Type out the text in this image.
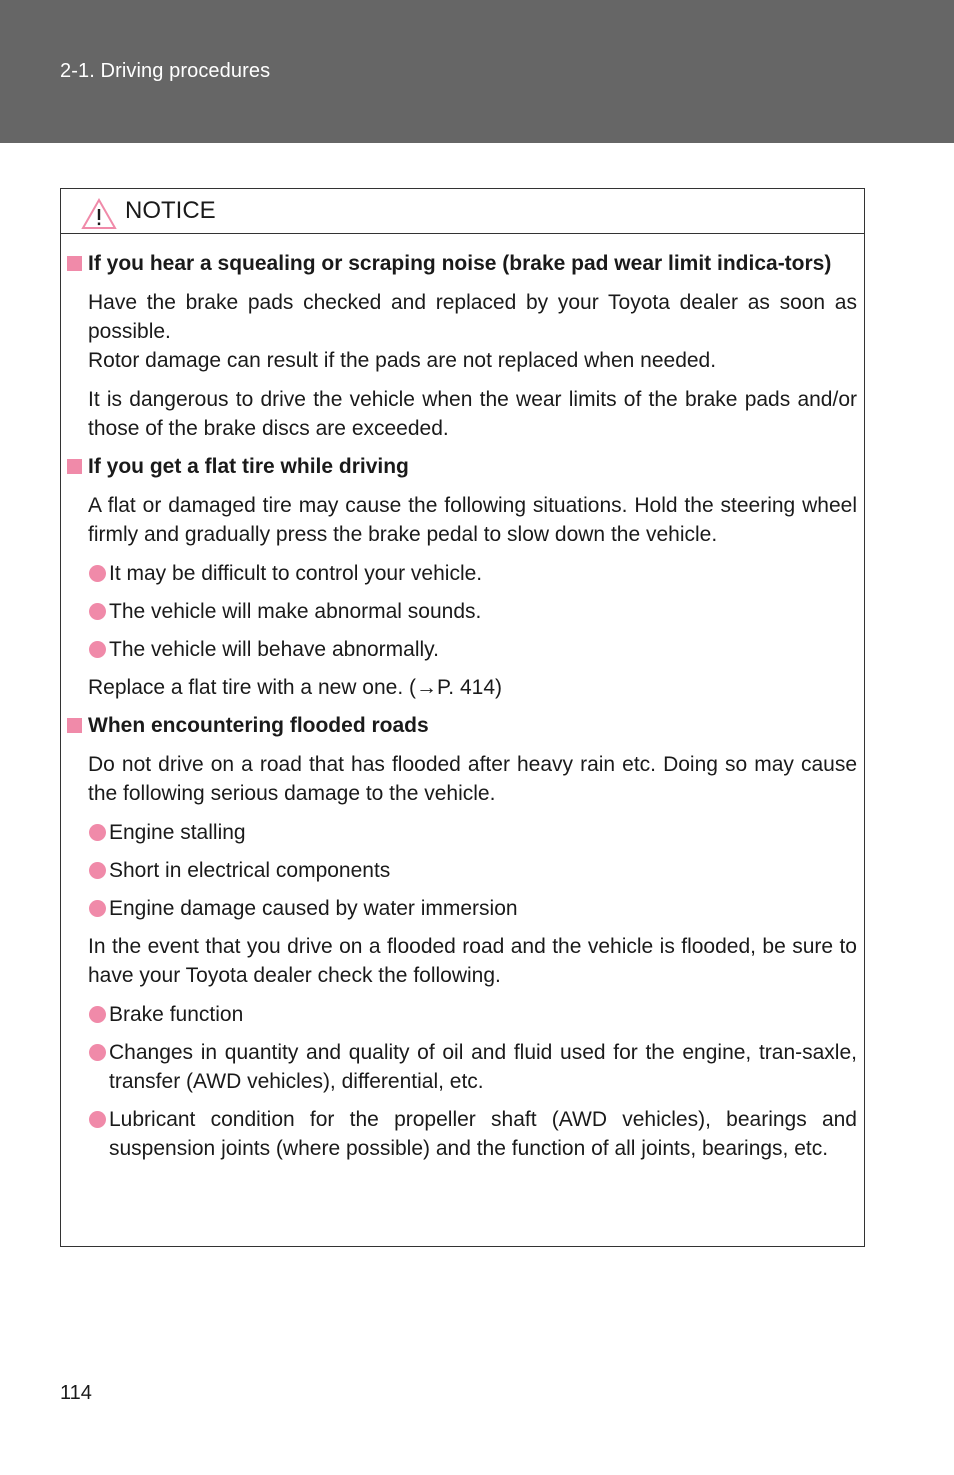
2-1. Driving procedures
NOTICE
If you hear a squealing or scraping noise (brake pad wear limit indica-tors)
Have the brake pads checked and replaced by your Toyota dealer as soon as possible.
Rotor damage can result if the pads are not replaced when needed.
It is dangerous to drive the vehicle when the wear limits of the brake pads and/or those of the brake discs are exceeded.
If you get a flat tire while driving
A flat or damaged tire may cause the following situations. Hold the steering wheel firmly and gradually press the brake pedal to slow down the vehicle.
It may be difficult to control your vehicle.
The vehicle will make abnormal sounds.
The vehicle will behave abnormally.
Replace a flat tire with a new one. (→P. 414)
When encountering flooded roads
Do not drive on a road that has flooded after heavy rain etc. Doing so may cause the following serious damage to the vehicle.
Engine stalling
Short in electrical components
Engine damage caused by water immersion
In the event that you drive on a flooded road and the vehicle is flooded, be sure to have your Toyota dealer check the following.
Brake function
Changes in quantity and quality of oil and fluid used for the engine, tran-saxle, transfer (AWD vehicles), differential, etc.
Lubricant condition for the propeller shaft (AWD vehicles), bearings and suspension joints (where possible) and the function of all joints, bearings, etc.
114
